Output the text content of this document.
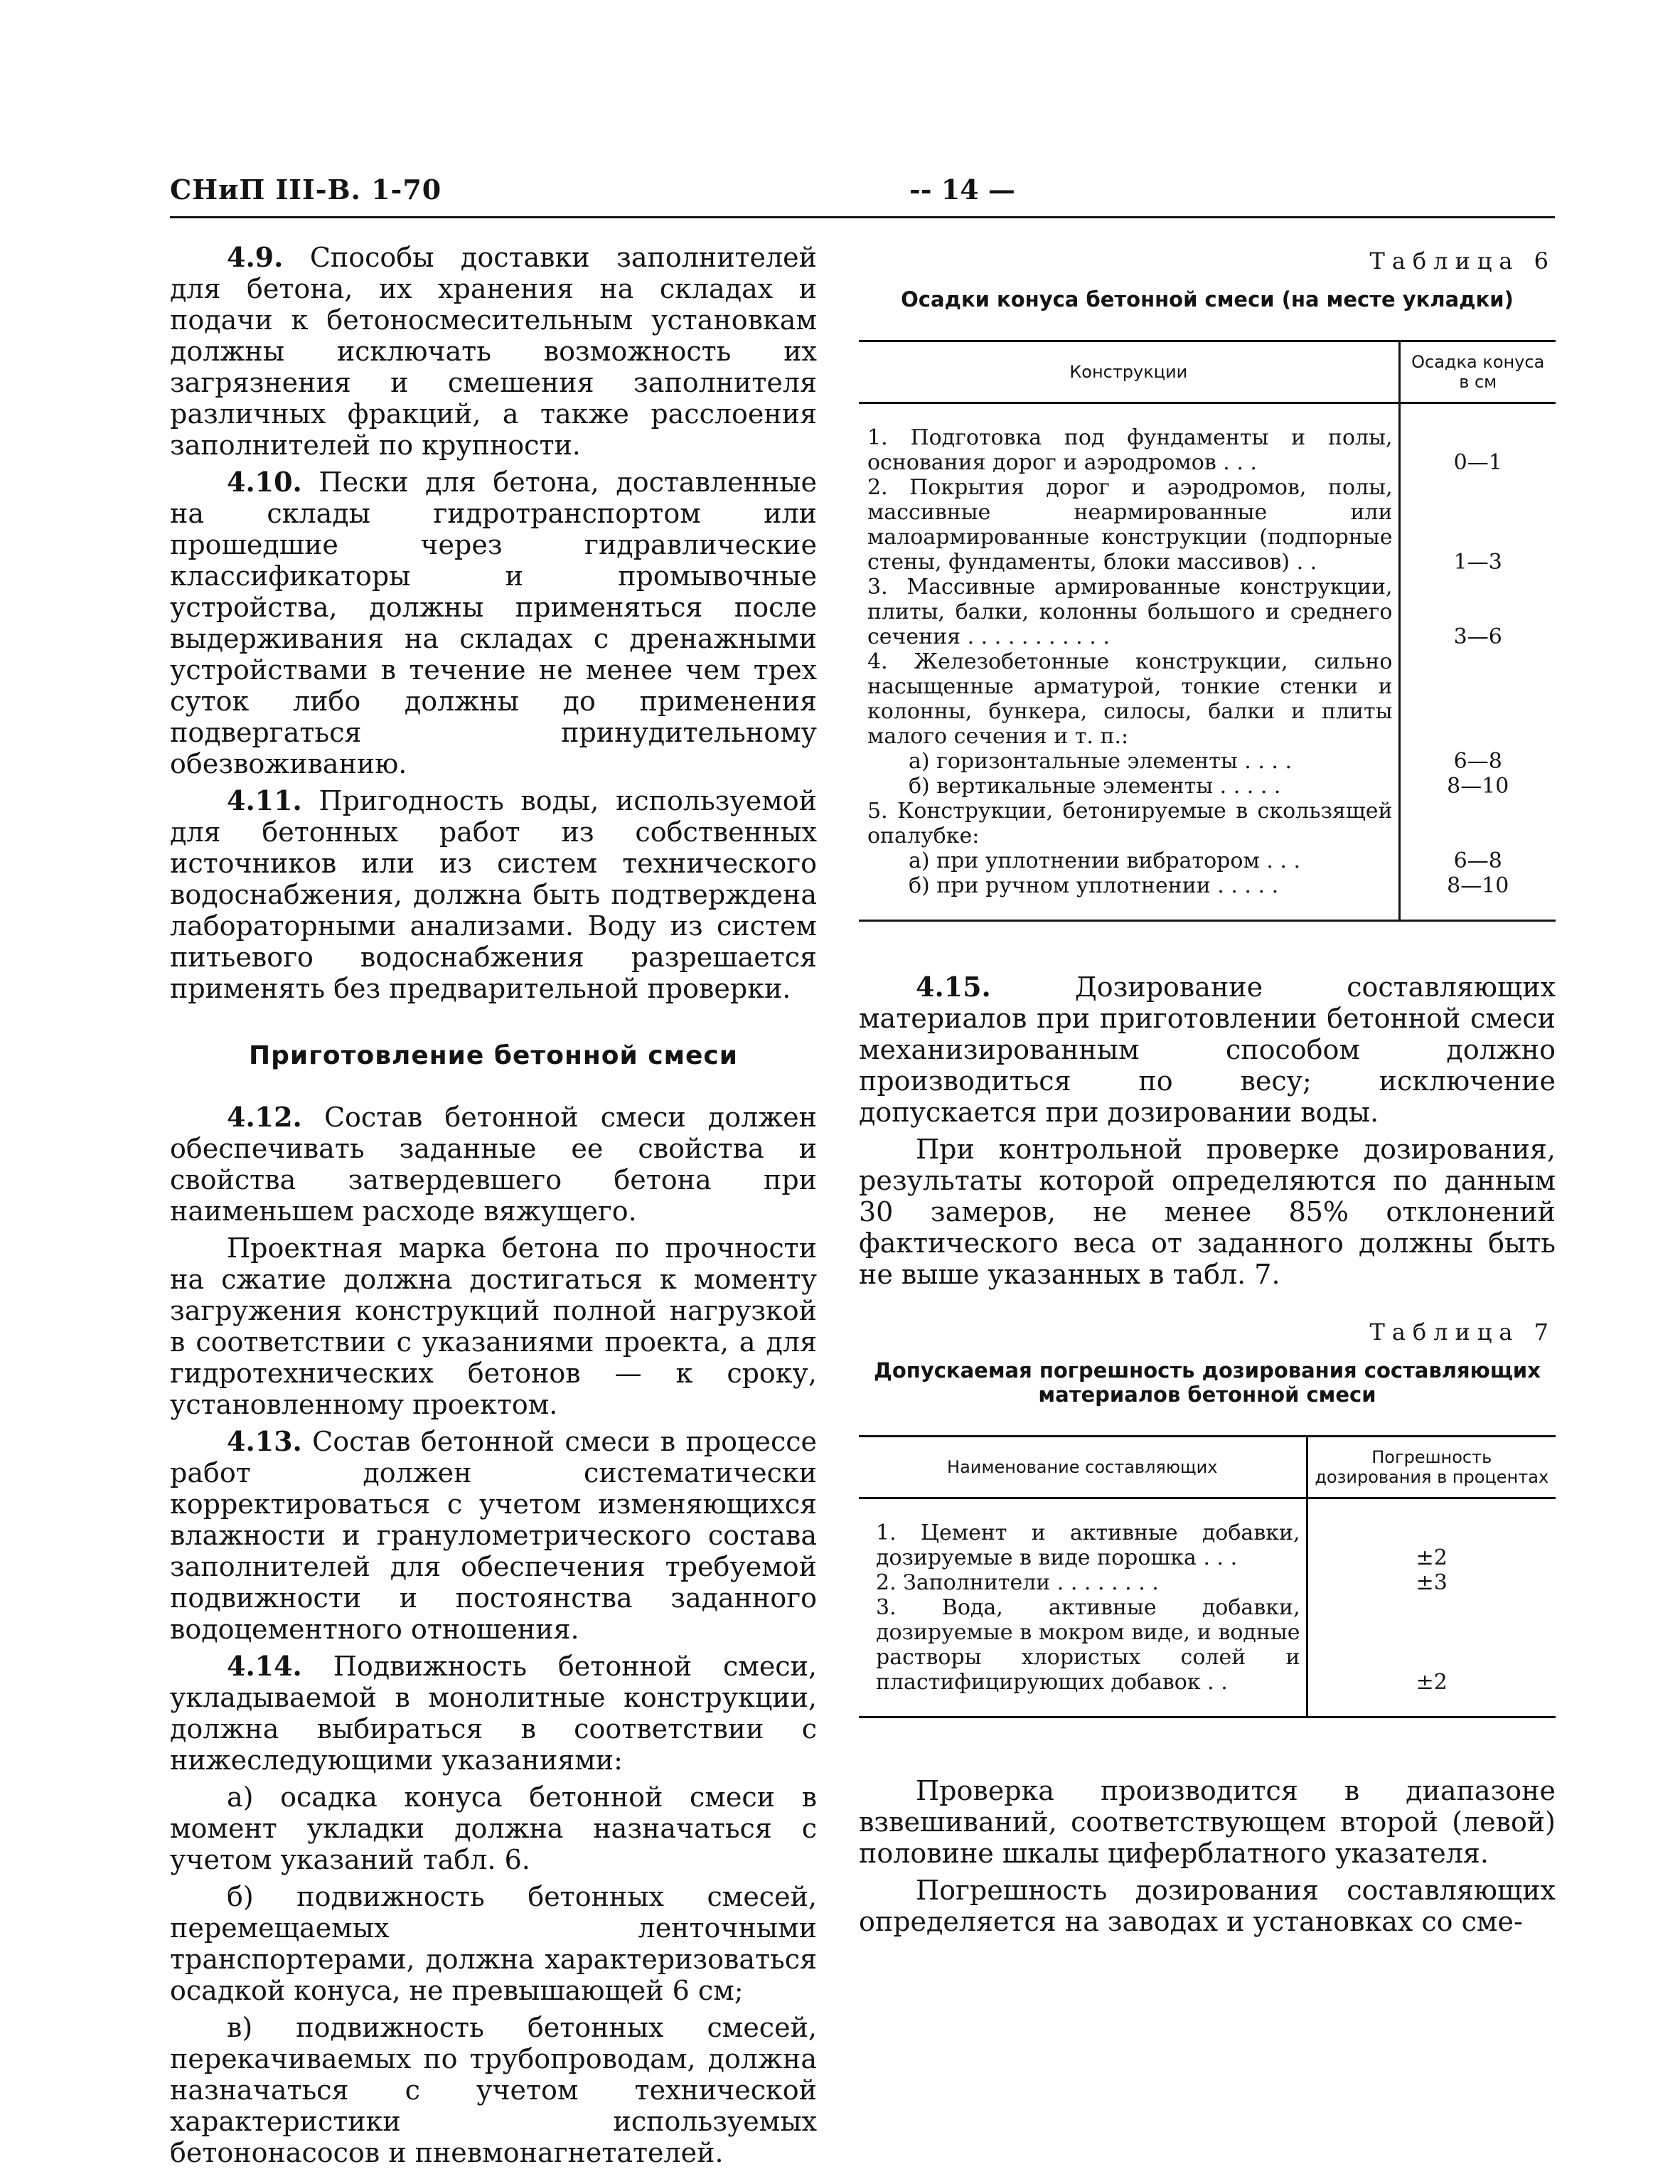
СНиП III-В. 1-70	-- 14 —

4.9. Способы доставки заполнителей для бетона, их хранения на складах и подачи к бетоносмесительным установкам должны исключать возможность их загрязнения и смешения заполнителя различных фракций, а также расслоения заполнителей по крупности.

4.10. Пески для бетона, доставленные на склады гидротранспортом или прошедшие через гидравлические классификаторы и промывочные устройства, должны применяться после выдерживания на складах с дренажными устройствами в течение не менее чем трех суток либо должны до применения подвергаться принудительному обезвоживанию.

4.11. Пригодность воды, используемой для бетонных работ из собственных источников или из систем технического водоснабжения, должна быть подтверждена лабораторными анализами. Воду из систем питьевого водоснабжения разрешается применять без предварительной проверки.

Приготовление бетонной смеси

4.12. Состав бетонной смеси должен обеспечивать заданные ее свойства и свойства затвердевшего бетона при наименьшем расходе вяжущего.

Проектная марка бетона по прочности на сжатие должна достигаться к моменту загружения конструкций полной нагрузкой в соответствии с указаниями проекта, а для гидротехнических бетонов — к сроку, установленному проектом.

4.13. Состав бетонной смеси в процессе работ должен систематически корректироваться с учетом изменяющихся влажности и гранулометрического состава заполнителей для обеспечения требуемой подвижности и постоянства заданного водоцементного отношения.

4.14. Подвижность бетонной смеси, укладываемой в монолитные конструкции, должна выбираться в соответствии с нижеследующими указаниями:

а) осадка конуса бетонной смеси в момент укладки должна назначаться с учетом указаний табл. 6.

б) подвижность бетонных смесей, перемещаемых ленточными транспортерами, должна характеризоваться осадкой конуса, не превышающей 6 см;

в) подвижность бетонных смесей, перекачиваемых по трубопроводам, должна назначаться с учетом технической характеристики используемых бетононасосов и пневмонагнетателей.

Таблица 6
Осадки конуса бетонной смеси (на месте укладки)
Конструкции	Осадка конуса в см

1. Подготовка под фундаменты и полы, основания дорог и аэродромов . . .	0—1
2. Покрытия дорог и аэродромов, полы, массивные неармированные или малоармированные конструкции (подпорные стены, фундаменты, блоки массивов) . .	1—3
3. Массивные армированные конструкции, плиты, балки, колонны большого и среднего сечения . . . . . . . . . . .	3—6
4. Железобетонные конструкции, сильно насыщенные арматурой, тонкие стенки и колонны, бункера, силосы, балки и плиты малого сечения и т. п.:	
а) горизонтальные элементы . . . .	6—8
б) вертикальные элементы . . . . .	8—10
5. Конструкции, бетонируемые в скользящей опалубке:	
а) при уплотнении вибратором . . .	6—8
б) при ручном уплотнении . . . . .	8—10

4.15. Дозирование составляющих материалов при приготовлении бетонной смеси механизированным способом должно производиться по весу; исключение допускается при дозировании воды.

При контрольной проверке дозирования, результаты которой определяются по данным 30 замеров, не менее 85% отклонений фактического веса от заданного должны быть не выше указанных в табл. 7.

Таблица 7
Допускаемая погрешность дозирования составляющих материалов бетонной смеси
Наименование составляющих	Погрешность дозирования в процентах

1. Цемент и активные добавки, дозируемые в виде порошка . . .	±2
2. Заполнители . . . . . . . .	±3
3. Вода, активные добавки, дозируемые в мокром виде, и водные растворы хлористых солей и пластифицирующих добавок . .	±2

Проверка производится в диапазоне взвешиваний, соответствующем второй (левой) половине шкалы циферблатного указателя.

Погрешность дозирования составляющих определяется на заводах и установках со сме-
